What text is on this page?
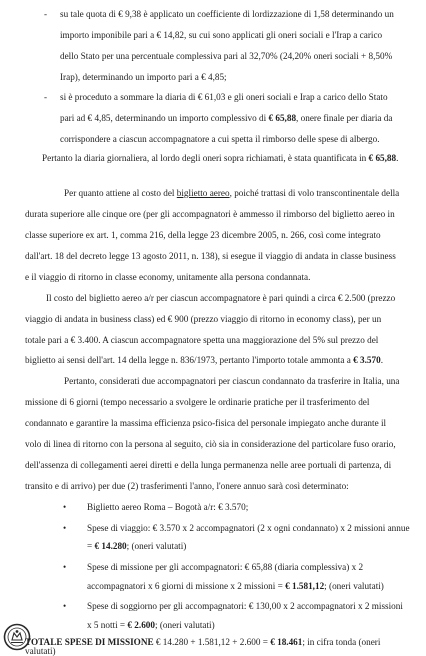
- su tale quota di € 9,38 è applicato un coefficiente di lordizzazione di 1,58 determinando un
importo imponibile pari a € 14,82, su cui sono applicati gli oneri sociali e l'Irap a carico
dello Stato per una percentuale complessiva pari al 32,70% (24,20% oneri sociali + 8,50%
Irap), determinando un importo pari a € 4,85;
- si è proceduto a sommare la diaria di € 61,03 e gli oneri sociali e Irap a carico dello Stato
pari ad € 4,85, determinando un importo complessivo di € 65,88, onere finale per diaria da
corrispondere a ciascun accompagnatore a cui spetta il rimborso delle spese di albergo.
Pertanto la diaria giornaliera, al lordo degli oneri sopra richiamati, è stata quantificata in € 65,88.
Per quanto attiene al costo del biglietto aereo, poiché trattasi di volo transcontinentale della
durata superiore alle cinque ore (per gli accompagnatori è ammesso il rimborso del biglietto aereo in
classe superiore ex art. 1, comma 216, della legge 23 dicembre 2005, n. 266, così come integrato
dall'art. 18 del decreto legge 13 agosto 2011, n. 138), si esegue il viaggio di andata in classe business
e il viaggio di ritorno in classe economy, unitamente alla persona condannata.
Il costo del biglietto aereo a/r per ciascun accompagnatore è pari quindi a circa € 2.500 (prezzo
viaggio di andata in business class) ed € 900 (prezzo viaggio di ritorno in economy class), per un
totale pari a € 3.400. A ciascun accompagnatore spetta una maggiorazione del 5% sul prezzo del
biglietto ai sensi dell'art. 14 della legge n. 836/1973, pertanto l'importo totale ammonta a € 3.570.
Pertanto, considerati due accompagnatori per ciascun condannato da trasferire in Italia, una
missione di 6 giorni (tempo necessario a svolgere le ordinarie pratiche per il trasferimento del
condannato e garantire la massima efficienza psico-fisica del personale impiegato anche durante il
volo di linea di ritorno con la persona al seguito, ciò sia in considerazione del particolare fuso orario,
dell'assenza di collegamenti aerei diretti e della lunga permanenza nelle aree portuali di partenza, di
transito e di arrivo) per due (2) trasferimenti l'anno, l'onere annuo sarà così determinato:
• Biglietto aereo Roma – Bogotà a/r: € 3.570;
• Spese di viaggio: € 3.570 x 2 accompagnatori (2 x ogni condannato) x 2 missioni annue
= € 14.280; (oneri valutati)
• Spese di missione per gli accompagnatori: € 65,88 (diaria complessiva) x 2
accompagnatori x 6 giorni di missione x 2 missioni = € 1.581,12; (oneri valutati)
• Spese di soggiorno per gli accompagnatori: € 130,00 x 2 accompagnatori x 2 missioni
x 5 notti = € 2.600; (oneri valutati)
TOTALE SPESE DI MISSIONE € 14.280 + 1.581,12 + 2.600 = € 18.461; in cifra tonda (oneri
valutati)
